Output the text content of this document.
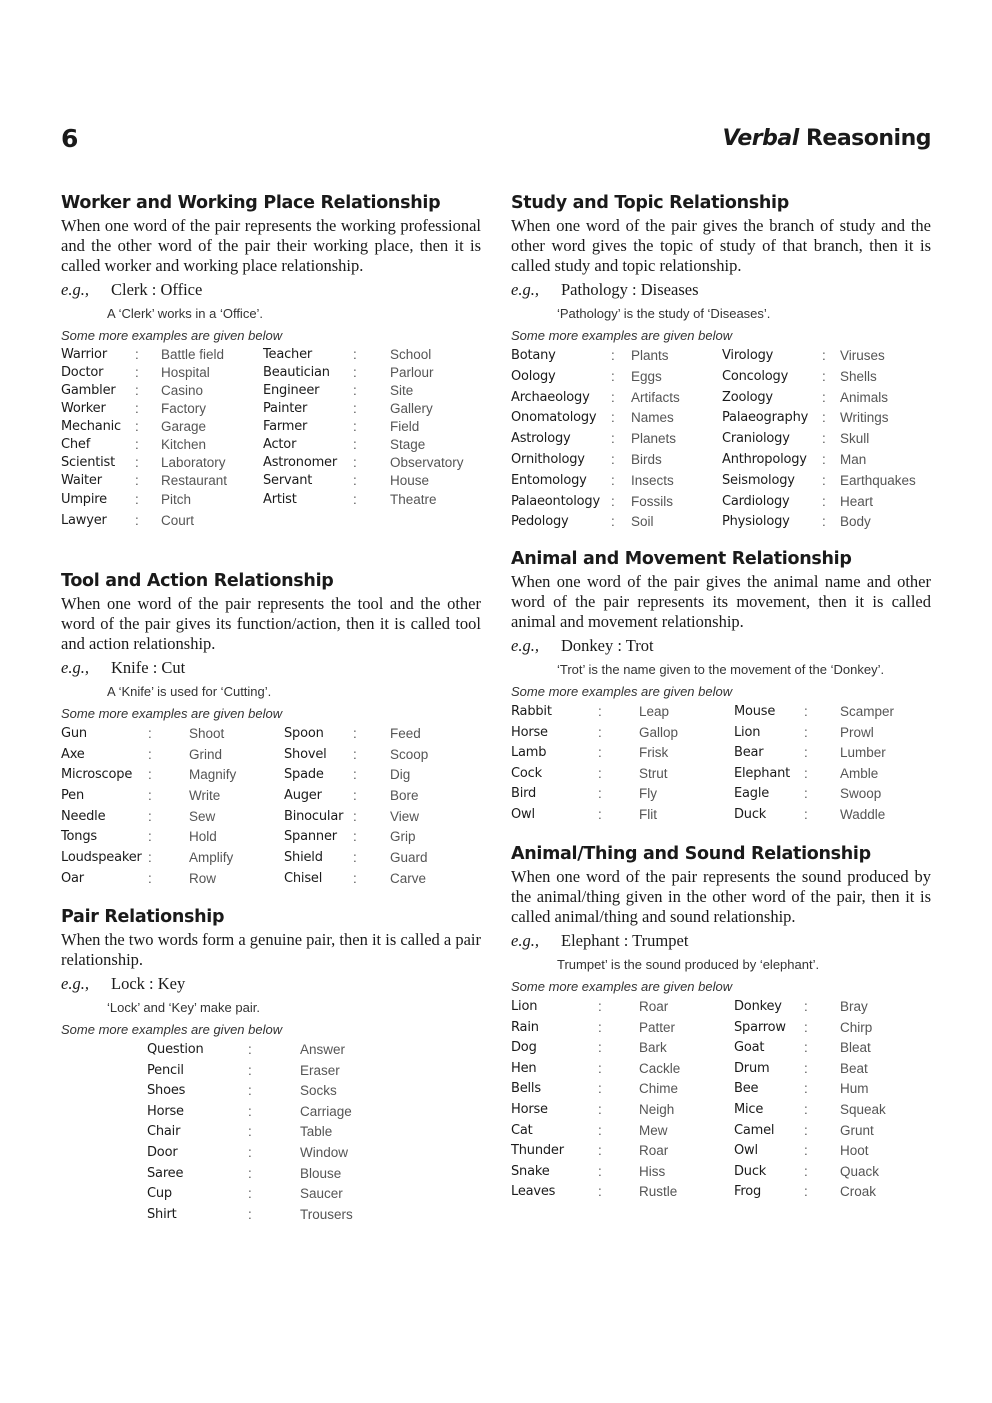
6	Verbal Reasoning
Worker and Working Place Relationship
When one word of the pair represents the working professional and the other word of the pair their working place, then it is called worker and working place relationship.
e.g., Clerk : Office
A ‘Clerk’ works in a ‘Office’.
Some more examples are given below
Warrior : Battle field	Teacher	: School
Doctor : Hospital	Beautician : Parlour
Gambler : Casino	Engineer : Site
Worker : Factory	Painter	: Gallery
Mechanic : Garage	Farmer	: Field
Chef	: Kitchen	Actor	: Stage
Scientist : Laboratory	Astronomer : Observatory
Waiter : Restaurant	Servant	: House
Umpire : Pitch	Artist	: Theatre
Lawyer : Court
Tool and Action Relationship
When one word of the pair represents the tool and the other word of the pair gives its function/action, then it is called tool and action relationship.
e.g., Knife : Cut
A ‘Knife’ is used for ‘Cutting’.
Some more examples are given below
Gun	:	Shoot	Spoon : Feed
Axe	:	Grind	Shovel : Scoop
Microscope :	Magnify	Spade : Dig
Pen	:	Write	Auger : Bore
Needle	:	Sew	Binocular : View
Tongs	:	Hold	Spanner : Grip
Loudspeaker :	Amplify	Shield : Guard
Oar	:	Row	Chisel : Carve
Pair Relationship
When the two words form a genuine pair, then it is called a pair relationship.
e.g., Lock : Key
‘Lock’ and ‘Key’ make pair.
Some more examples are given below
Question	:	Answer
Pencil	:	Eraser
Shoes	:	Socks
Horse	:	Carriage
Chair	:	Table
Door	:	Window
Saree	:	Blouse
Cup	:	Saucer
Shirt	:	Trousers
Study and Topic Relationship
When one word of the pair gives the branch of study and the other word gives the topic of study of that branch, then it is called study and topic relationship.
e.g., Pathology : Diseases
‘Pathology’ is the study of ‘Diseases’.
Some more examples are given below
Botany	: Plants	Virology	: Viruses
Oology	: Eggs	Concology	: Shells
Archaeology : Artifacts	Zoology	: Animals
Onomatology : Names	Palaeography : Writings
Astrology	: Planets	Craniology : Skull
Ornithology : Birds	Anthropology : Man
Entomology : Insects	Seismology : Earthquakes
Palaeontology : Fossils	Cardiology : Heart
Pedology	: Soil	Physiology : Body
Animal and Movement Relationship
When one word of the pair gives the animal name and other word of the pair represents its movement, then it is called animal and movement relationship.
e.g., Donkey : Trot
‘Trot’ is the name given to the movement of the ‘Donkey’.
Some more examples are given below
Rabbit	:	Leap	Mouse : Scamper
Horse	:	Gallop	Lion	: Prowl
Lamb	:	Frisk	Bear	: Lumber
Cock	:	Strut	Elephant : Amble
Bird	:	Fly	Eagle	: Swoop
Owl	:	Flit	Duck	: Waddle
Animal/Thing and Sound Relationship
When one word of the pair represents the sound produced by the animal/thing given in the other word of the pair, then it is called animal/thing and sound relationship.
e.g., Elephant : Trumpet
Trumpet’ is the sound produced by ‘elephant’.
Some more examples are given below
Lion	:	Roar	Donkey : Bray
Rain	:	Patter	Sparrow : Chirp
Dog	:	Bark	Goat	: Bleat
Hen	:	Cackle	Drum	: Beat
Bells	:	Chime	Bee	: Hum
Horse	:	Neigh	Mice	: Squeak
Cat	:	Mew	Camel : Grunt
Thunder	:	Roar	Owl	: Hoot
Snake	:	Hiss	Duck	: Quack
Leaves	:	Rustle	Frog	: Croak
